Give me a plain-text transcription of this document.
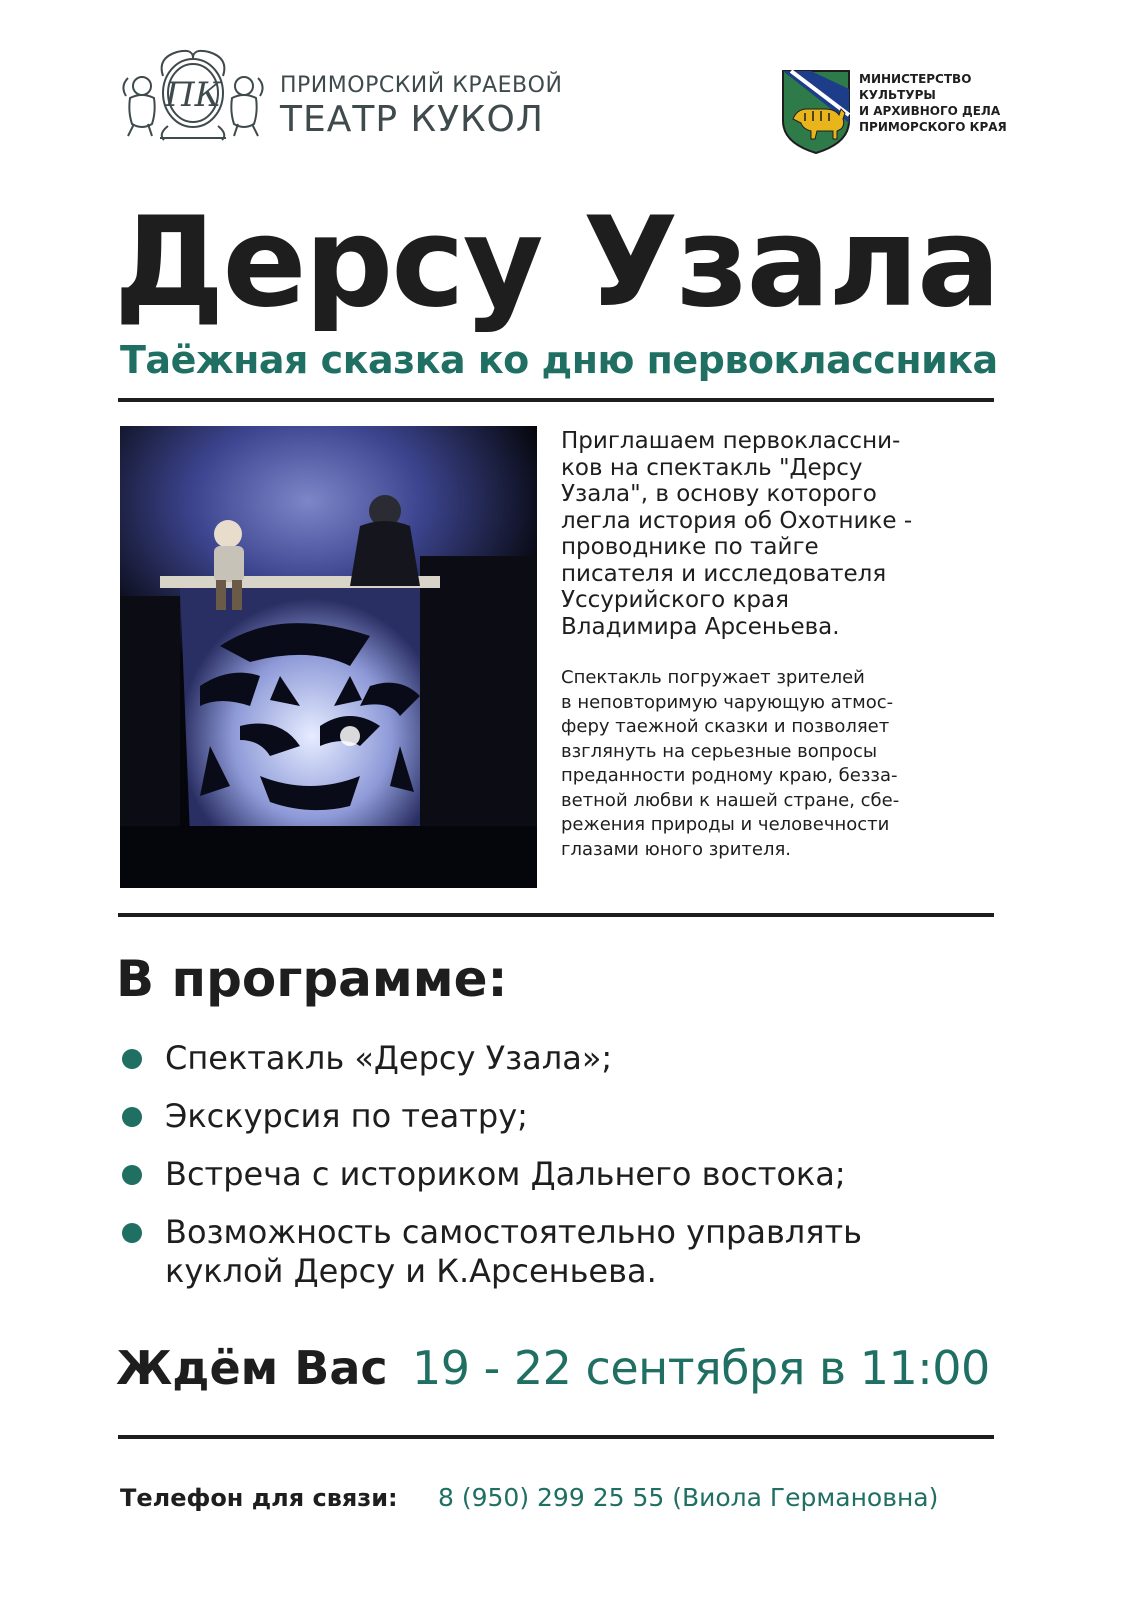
ПК	ПРИМОРСКИЙ КРАЕВОЙ
ТЕАТР КУКОЛ
МИНИСТЕРСТВО
КУЛЬТУРЫ
И АРХИВНОГО ДЕЛА
ПРИМОРСКОГО КРАЯ
Дерсу Узала
Таёжная сказка ко дню первоклассника
Приглашаем первоклассни-
ков на спектакль "Дерсу
Узала", в основу которого
легла история об Охотнике -
проводнике по тайге
писателя и исследователя
Уссурийского края
Владимира Арсеньева.
Спектакль погружает зрителей
в неповторимую чарующую атмос-
феру таежной сказки и позволяет
взглянуть на серьезные вопросы
преданности родному краю, безза-
ветной любви к нашей стране, сбе-
режения природы и человечности
глазами юного зрителя.
В программе:
Спектакль «Дерсу Узала»;
Экскурсия по театру;
Встреча с историком Дальнего востока;
Возможность самостоятельно управлять
куклой Дерсу и К.Арсеньева.
Ждём Вас 19 - 22 сентября в 11:00
Телефон для связи: 8 (950) 299 25 55 (Виола Германовна)
